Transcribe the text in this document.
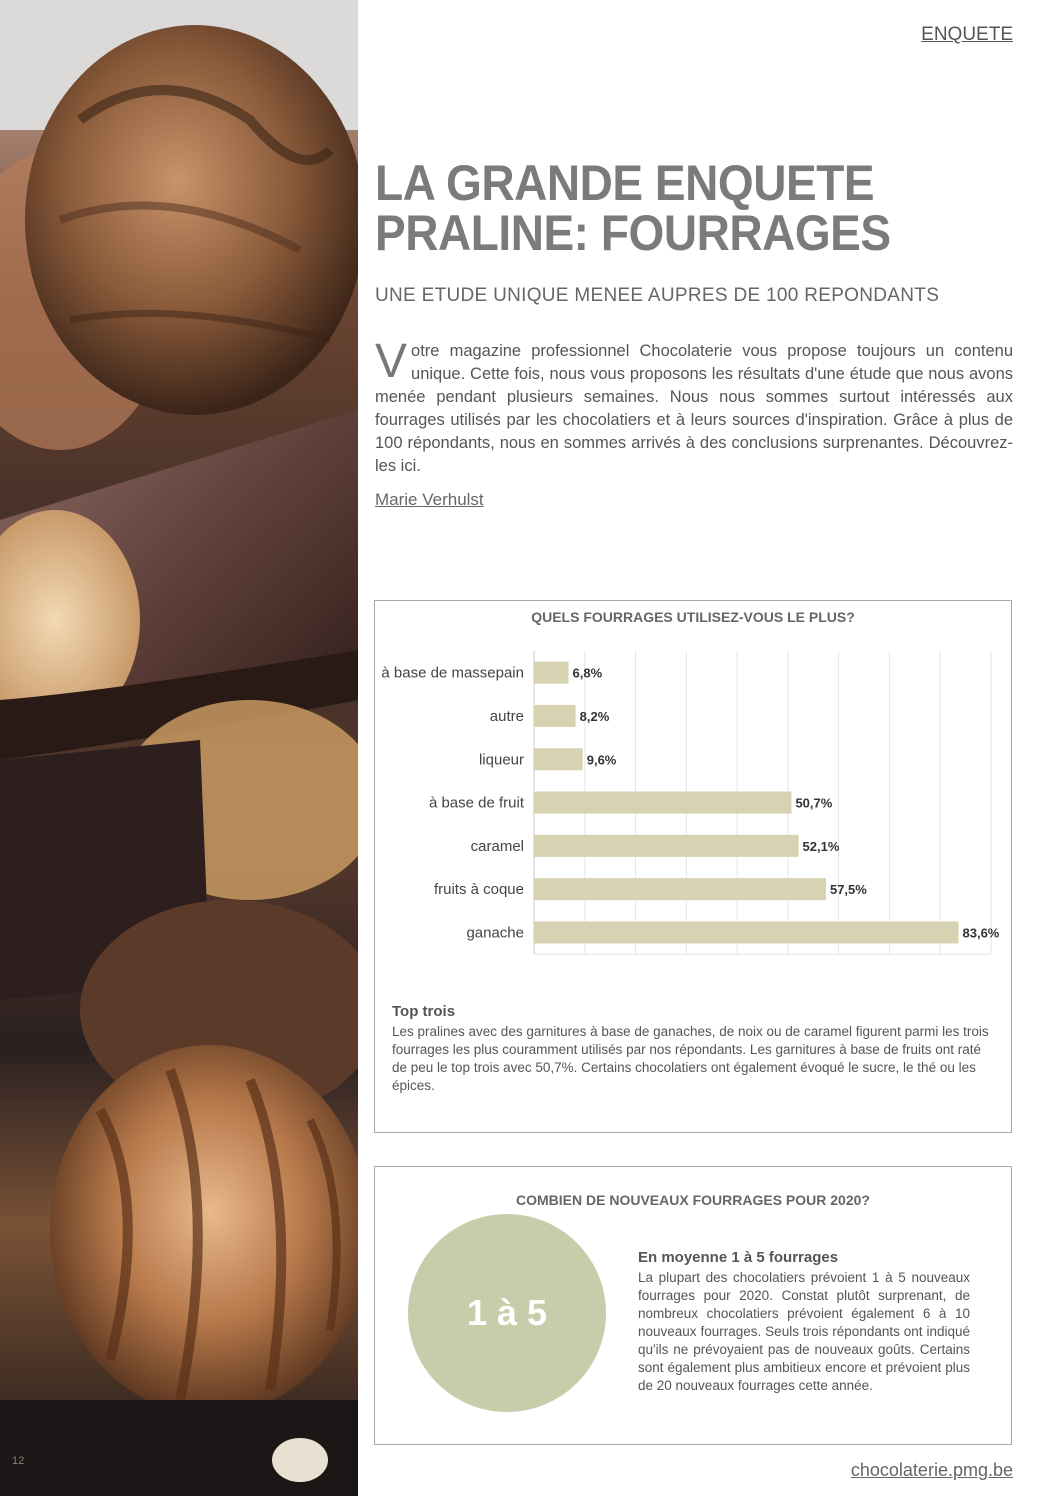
12
ENQUETE
LA GRANDE ENQUETE
PRALINE: FOURRAGES
UNE ETUDE UNIQUE MENEE AUPRES DE 100 REPONDANTS

Votre magazine professionnel Chocolaterie vous propose toujours un contenu unique. Cette fois, nous vous proposons les résultats d'une étude que nous avons menée pendant plusieurs semaines. Nous nous sommes surtout intéressés aux fourrages utilisés par les chocolatiers et à leurs sources d'inspiration. Grâce à plus de 100 répondants, nous en sommes arrivés à des conclusions surprenantes. Découvrez-les ici.

Marie Verhulst
QUELS FOURRAGES UTILISEZ-VOUS LE PLUS?
à base de massepain	6,8%
autre	8,2%
liqueur	9,6%
à base de fruit	50,7%
caramel	52,1%
fruits à coque	57,5%
ganache	83,6%
Top trois

Les pralines avec des garnitures à base de ganaches, de noix ou de caramel figurent parmi les trois fourrages les plus couramment utilisés par nos répondants. Les garnitures à base de fruits ont raté de peu le top trois avec 50,7%. Certains chocolatiers ont également évoqué le sucre, le thé ou les épices.

COMBIEN DE NOUVEAUX FOURRAGES POUR 2020?
1 à 5
En moyenne 1 à 5 fourrages

La plupart des chocolatiers prévoient 1 à 5 nouveaux fourrages pour 2020. Constat plutôt surprenant, de nombreux chocolatiers prévoient également 6 à 10 nouveaux fourrages. Seuls trois répondants ont indiqué qu'ils ne prévoyaient pas de nouveaux goûts. Certains sont également plus ambitieux encore et prévoient plus de 20 nouveaux fourrages cette année.

chocolaterie.pmg.be
